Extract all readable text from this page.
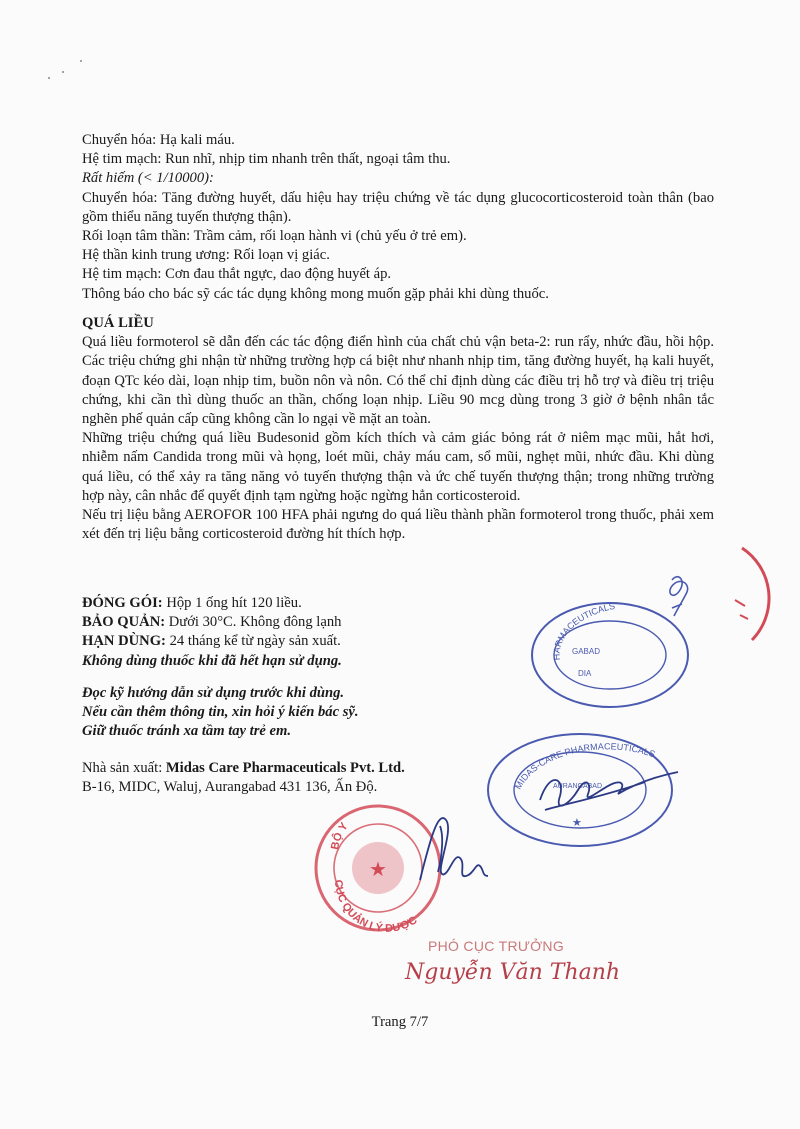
Chuyển hóa: Hạ kali máu.
Hệ tim mạch: Run nhĩ, nhịp tim nhanh trên thất, ngoại tâm thu.
Rất hiếm (< 1/10000):
Chuyển hóa: Tăng đường huyết, dấu hiệu hay triệu chứng về tác dụng glucocorticosteroid toàn thân (bao gồm thiểu năng tuyến thượng thận).
Rối loạn tâm thần: Trầm cảm, rối loạn hành vi (chủ yếu ở trẻ em).
Hệ thần kinh trung ương: Rối loạn vị giác.
Hệ tim mạch: Cơn đau thắt ngực, dao động huyết áp.
Thông báo cho bác sỹ các tác dụng không mong muốn gặp phải khi dùng thuốc.
QUÁ LIỀU
Quá liều formoterol sẽ dẫn đến các tác động điển hình của chất chủ vận beta-2: run rẩy, nhức đầu, hồi hộp. Các triệu chứng ghi nhận từ những trường hợp cá biệt như nhanh nhịp tim, tăng đường huyết, hạ kali huyết, đoạn QTc kéo dài, loạn nhịp tim, buồn nôn và nôn. Có thể chỉ định dùng các điều trị hỗ trợ và điều trị triệu chứng, khi cần thì dùng thuốc an thần, chống loạn nhịp. Liều 90 mcg dùng trong 3 giờ ở bệnh nhân tắc nghẽn phế quản cấp cũng không cần lo ngại về mặt an toàn.
Những triệu chứng quá liều Budesonid gồm kích thích và cảm giác bỏng rát ở niêm mạc mũi, hắt hơi, nhiễm nấm Candida trong mũi và họng, loét mũi, chảy máu cam, sổ mũi, nghẹt mũi, nhức đầu. Khi dùng quá liều, có thể xảy ra tăng năng vỏ tuyến thượng thận và ức chế tuyến thượng thận; trong những trường hợp này, cân nhắc để quyết định tạm ngừng hoặc ngừng hẳn corticosteroid.
Nếu trị liệu bằng AEROFOR 100 HFA phải ngưng do quá liều thành phần formoterol trong thuốc, phải xem xét đến trị liệu bằng corticosteroid đường hít thích hợp.
ĐÓNG GÓI: Hộp 1 ống hít 120 liều.
BẢO QUẢN: Dưới 30°C. Không đông lạnh
HẠN DÙNG: 24 tháng kể từ ngày sản xuất.
Không dùng thuốc khi đã hết hạn sử dụng.
Đọc kỹ hướng dẫn sử dụng trước khi dùng.
Nếu cần thêm thông tin, xin hỏi ý kiến bác sỹ.
Giữ thuốc tránh xa tầm tay trẻ em.
Nhà sản xuất: Midas Care Pharmaceuticals Pvt. Ltd.
B-16, MIDC, Waluj, Aurangabad 431 136, Ấn Độ.
HARMACEUTICALS
GABAD
DIA
MIDAS-CARE PHARMACEUTICALS
AURANGABAD
★
★
BỘ Y
CỤC QUẢN LÝ DƯỢC
PHÓ CỤC TRƯỞNG
Nguyễn Văn Thanh
Trang 7/7
